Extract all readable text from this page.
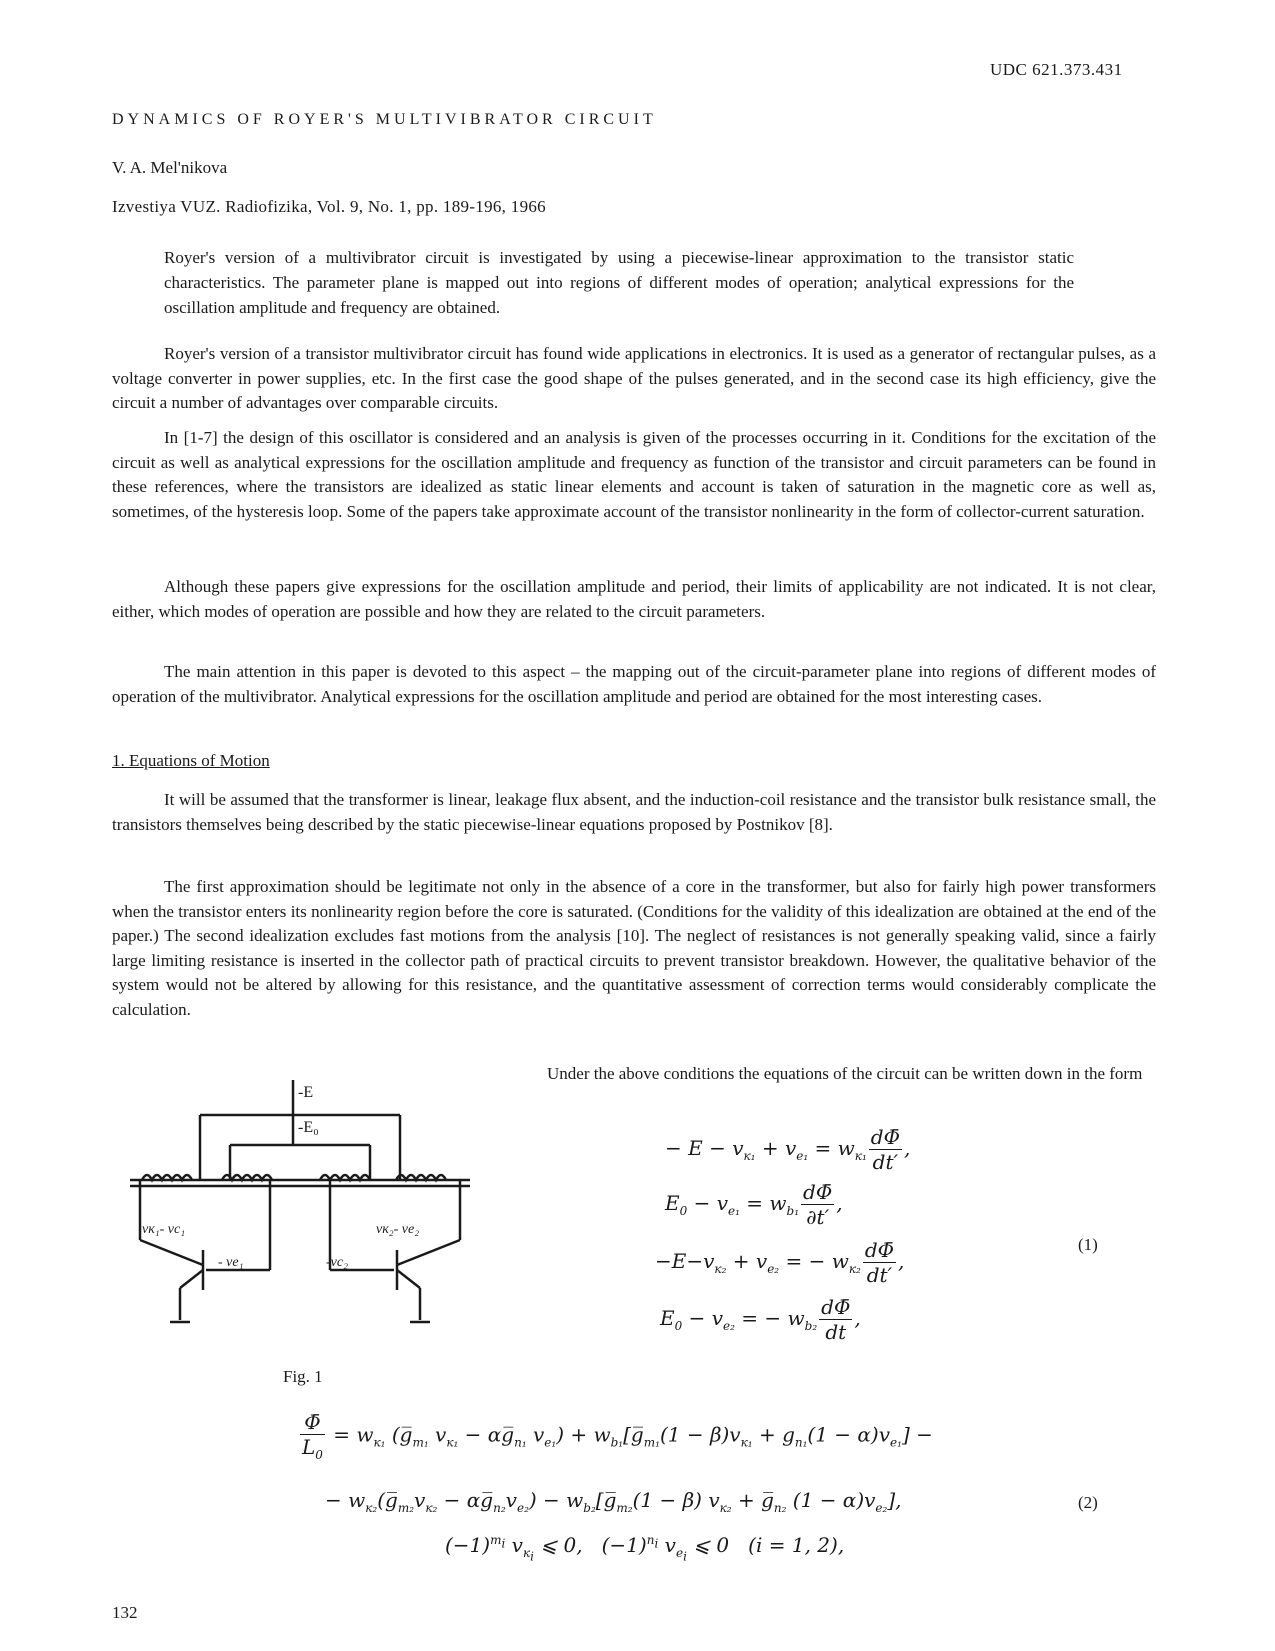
UDC 621.373.431
DYNAMICS OF ROYER'S MULTIVIBRATOR CIRCUIT
V. A. Mel'nikova
Izvestiya VUZ. Radiofizika, Vol. 9, No. 1, pp. 189-196, 1966
Royer's version of a multivibrator circuit is investigated by using a piecewise-linear approximation to the transistor static characteristics. The parameter plane is mapped out into regions of different modes of operation; analytical expressions for the oscillation amplitude and frequency are obtained.
Royer's version of a transistor multivibrator circuit has found wide applications in electronics. It is used as a generator of rectangular pulses, as a voltage converter in power supplies, etc. In the first case the good shape of the pulses generated, and in the second case its high efficiency, give the circuit a number of advantages over comparable circuits.
In [1-7] the design of this oscillator is considered and an analysis is given of the processes occurring in it. Conditions for the excitation of the circuit as well as analytical expressions for the oscillation amplitude and frequency as function of the transistor and circuit parameters can be found in these references, where the transistors are idealized as static linear elements and account is taken of saturation in the magnetic core as well as, sometimes, of the hysteresis loop. Some of the papers take approximate account of the transistor nonlinearity in the form of collector-current saturation.
Although these papers give expressions for the oscillation amplitude and period, their limits of applicability are not indicated. It is not clear, either, which modes of operation are possible and how they are related to the circuit parameters.
The main attention in this paper is devoted to this aspect – the mapping out of the circuit-parameter plane into regions of different modes of operation of the multivibrator. Analytical expressions for the oscillation amplitude and period are obtained for the most interesting cases.
1. Equations of Motion
It will be assumed that the transformer is linear, leakage flux absent, and the induction-coil resistance and the transistor bulk resistance small, the transistors themselves being described by the static piecewise-linear equations proposed by Postnikov [8].
The first approximation should be legitimate not only in the absence of a core in the transformer, but also for fairly high power transformers when the transistor enters its nonlinearity region before the core is saturated. (Conditions for the validity of this idealization are obtained at the end of the paper.) The second idealization excludes fast motions from the analysis [10]. The neglect of resistances is not generally speaking valid, since a fairly large limiting resistance is inserted in the collector path of practical circuits to prevent transistor breakdown. However, the qualitative behavior of the system would not be altered by allowing for this resistance, and the quantitative assessment of correction terms would considerably complicate the calculation.
Under the above conditions the equations of the circuit can be written down in the form
-E
-E₀
vк₁- vc₁
- vе₁
vк₂- vе₂
-vс₂
Fig. 1
− $E - v_{к_1} + v_{e_1} = w_{к_1} \frac{d\Phī}{dt'}$ ,
$E_0 - v_{e_1} = w_{b_1} \frac{d\Phī}{\partial t'}$ ,
$-E-v_{к_2} + v_{e_2}$ = − $w_{к_2} \frac{d\Phī}{dt'}$ ,
$E_0 - v_{e_2}$ = − $w_{b_2} \frac{d\Phī}{dt}$ ,
(1)
$\frac{\Phī}{L_0} = w_{к_1}$ ($g̅_{m_1}$ $v_{к_1}$ − $\alpha g̅_{n_1}$ $v_{e_1}$) + $w_{b_1}[g̅_{m_1}(1 - \beta)v_{к_1} + g_{n_1}(1 - \alpha)v_{e_1}]$ −
− $w_{к_2}(g̅_{m_2}v_{к_2}$ − $\alpha g̅_{n_2}v_{e_2}$) − $w_{b_2}[g̅_{m_2}(1 - \beta) v_{к_2}$ + $g̅_{n_2}$ $(1 - \alpha)v_{e_2}$],
$(-1)^{m_i}$ $v_{к_i}$ ⩽ 0,   $(-1)^{n_i}$ $v_{e_i}$ ⩽ 0   (i = 1, 2),
(2)
132
